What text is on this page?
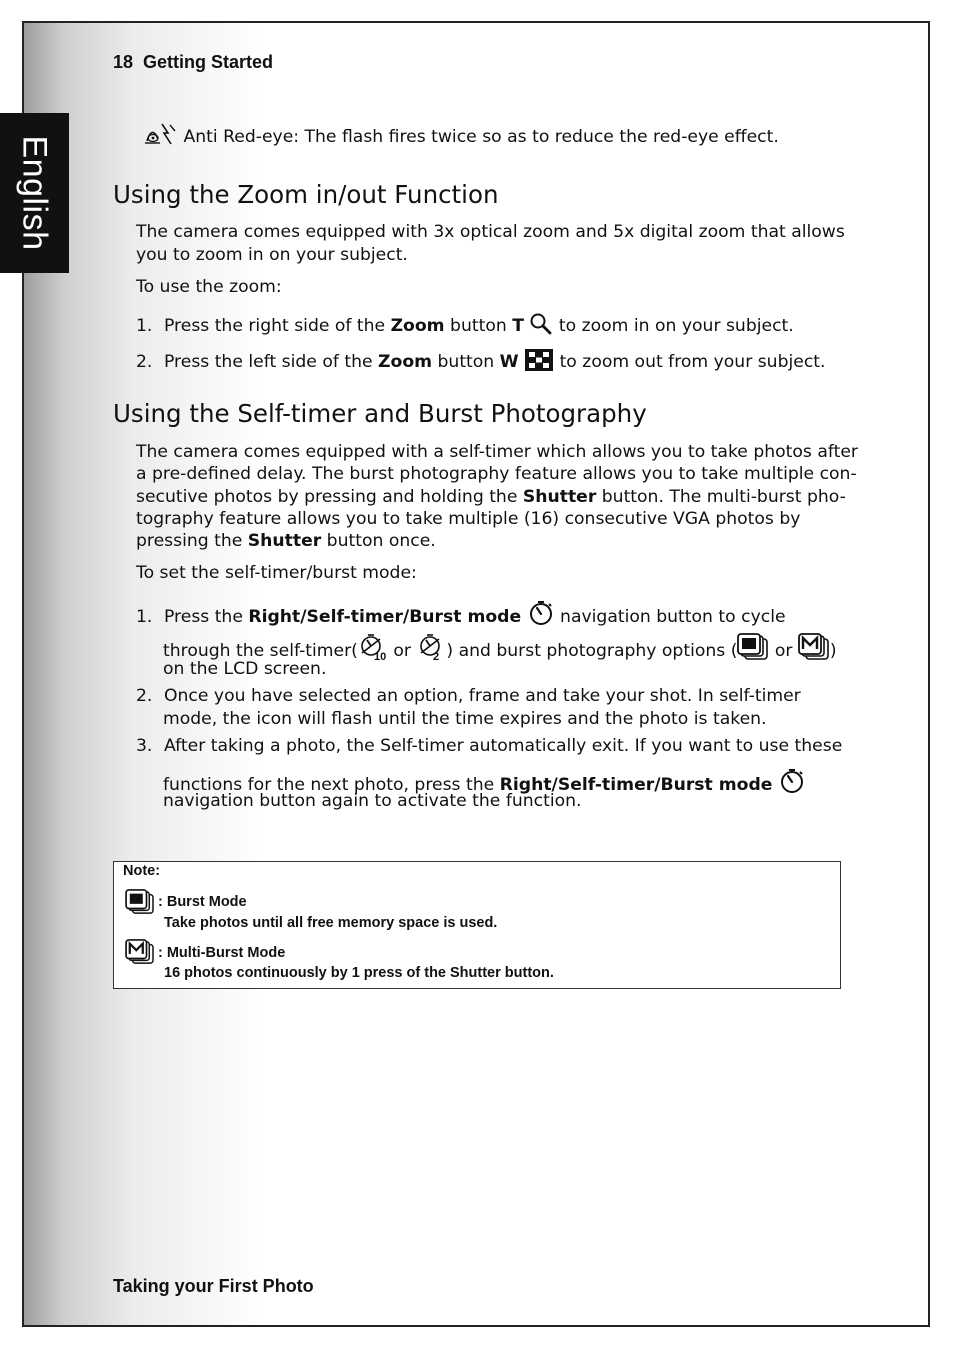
English
18 Getting Started
Anti Red-eye: The flash fires twice so as to reduce the red-eye effect.
Using the Zoom in/out Function
The camera comes equipped with 3x optical zoom and 5x digital zoom that allows
you to zoom in on your subject.
To use the zoom:
1. Press the right side of the Zoom button T  to zoom in on your subject.
2. Press the left side of the Zoom button W  to zoom out from your subject.
Using the Self-timer and Burst Photography
The camera comes equipped with a self-timer which allows you to take photos after
a pre-defined delay. The burst photography feature allows you to take multiple con-
secutive photos by pressing and holding the Shutter button. The multi-burst pho-
tography feature allows you to take multiple (16) consecutive VGA photos by
pressing the Shutter button once.
To set the self-timer/burst mode:
1. Press the Right/Self-timer/Burst mode  navigation button to cycle
through the self-timer( 10 or 2 ) and burst photography options ( or )
on the LCD screen.
2. Once you have selected an option, frame and take your shot. In self-timer
mode, the icon will flash until the time expires and the photo is taken.
3. After taking a photo, the Self-timer automatically exit. If you want to use these
functions for the next photo, press the Right/Self-timer/Burst mode
navigation button again to activate the function.
Note:
: Burst Mode
Take photos until all free memory space is used.
: Multi-Burst Mode
16 photos continuously by 1 press of the Shutter button.
Taking your First Photo
